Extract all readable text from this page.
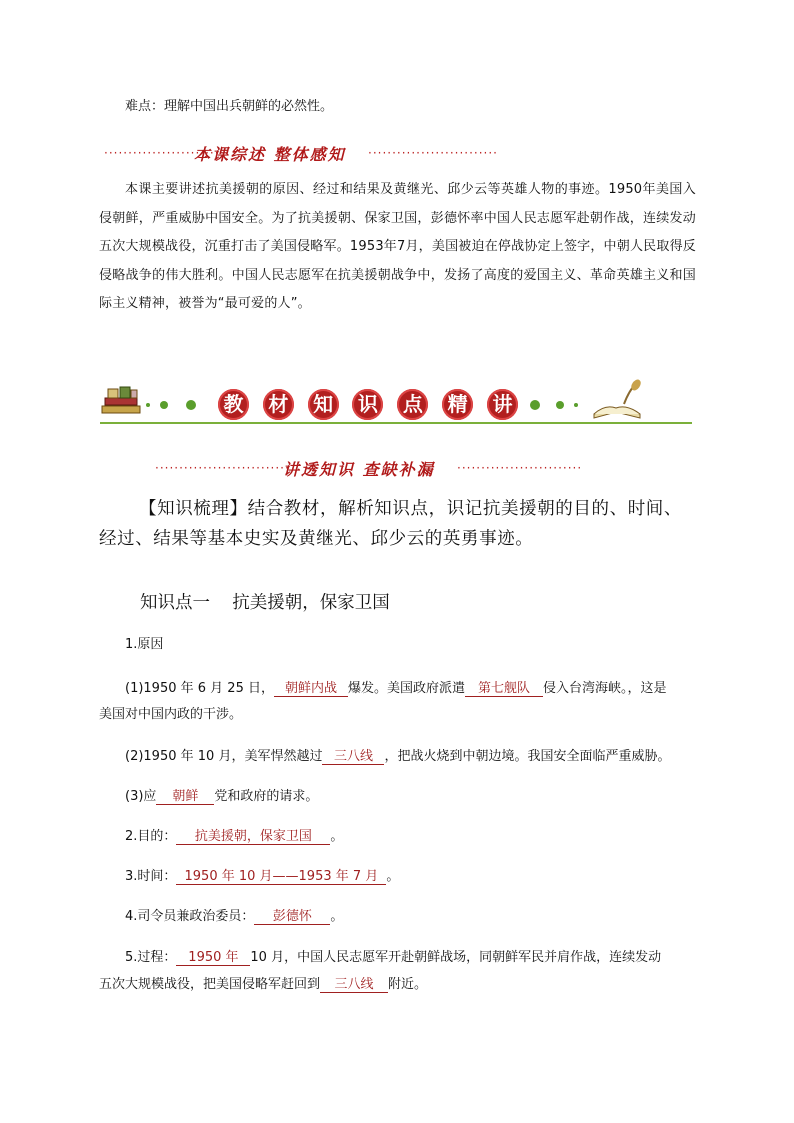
难点：理解中国出兵朝鲜的必然性。
························
本课综述 整体感知 ···························
本课主要讲述抗美援朝的原因、经过和结果及黄继光、邱少云等英雄人物的事迹。1950年美国入侵朝鲜，严重威胁中国安全。为了抗美援朝、保家卫国，彭德怀率中国人民志愿军赴朝作战，连续发动五次大规模战役，沉重打击了美国侵略军。1953年7月，美国被迫在停战协定上签字，中朝人民取得反侵略战争的伟大胜利。中国人民志愿军在抗美援朝战争中，发扬了高度的爱国主义、革命英雄主义和国际主义精神，被誉为“最可爱的人”。
教 材 知 识 点 精 讲
····························
讲透知识 查缺补漏 ··························
【知识梳理】结合教材，解析知识点，识记抗美援朝的目的、时间、经过、结果等基本史实及黄继光、邱少云的英勇事迹。
知识点一    抗美援朝，保家卫国
1.原因
(1)1950 年 6 月 25 日， 朝鲜内战 爆发。美国政府派遣 第七舰队 侵入台湾海峡。，这是
美国对中国内政的干涉。
(2)1950 年 10 月，美军悍然越过 三八线 ，把战火烧到中朝边境。我国安全面临严重威胁。
(3)应 朝鲜 党和政府的请求。
2.目的： 抗美援朝，保家卫国 。
3.时间： 1950 年 10 月——1953 年 7 月 。
4.司令员兼政治委员： 彭德怀 。
5.过程： 1950 年 10 月，中国人民志愿军开赴朝鲜战场，同朝鲜军民并肩作战，连续发动
五次大规模战役，把美国侵略军赶回到 三八线 附近。
